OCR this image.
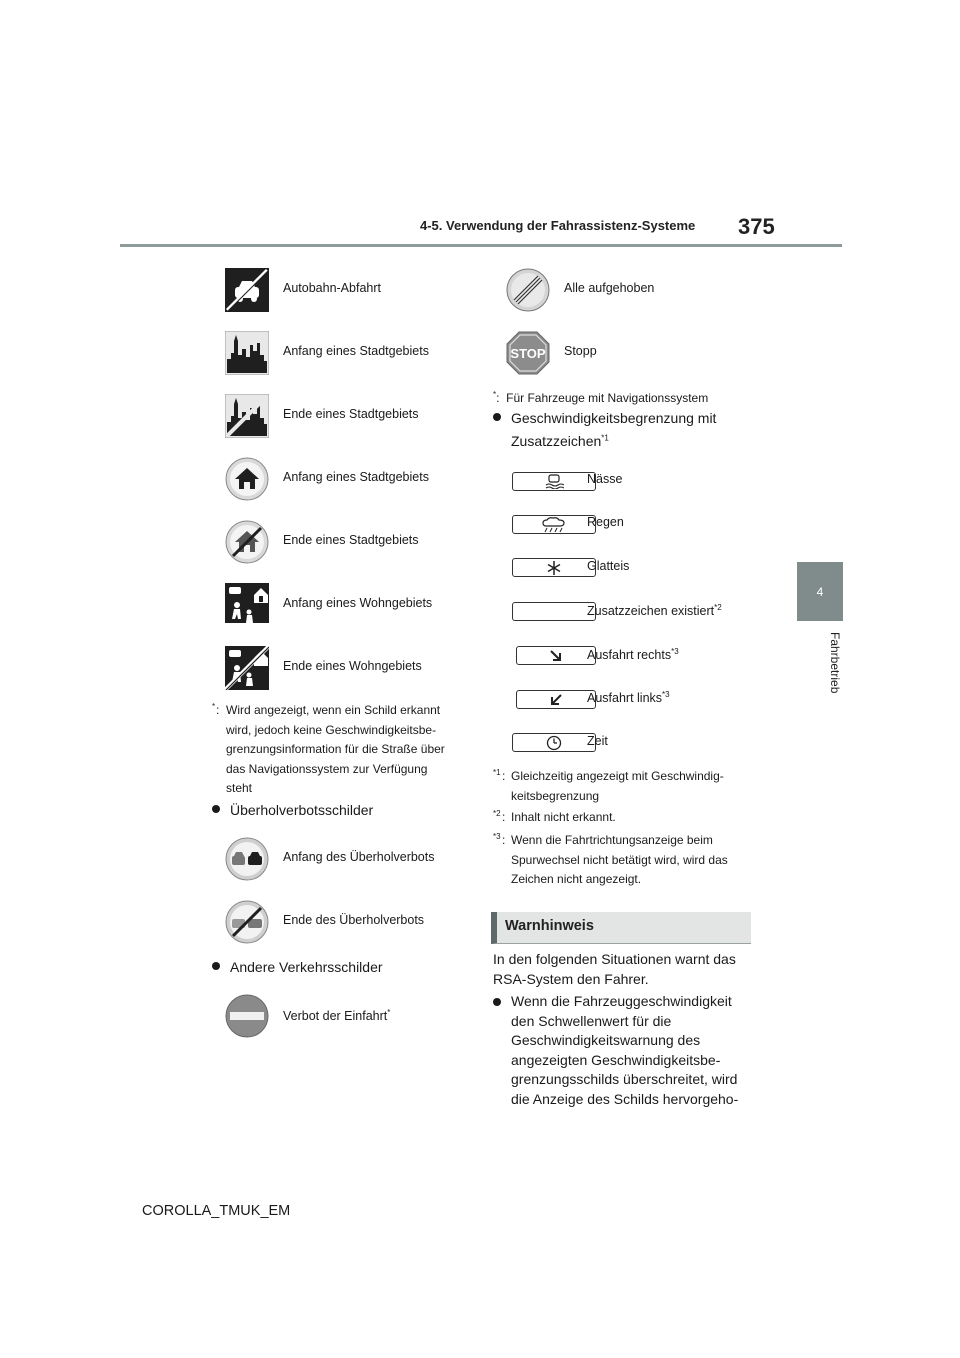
4-5. Verwendung der Fahrassistenz-Systeme 375
4
Fahrbetrieb
Autobahn-Abfahrt
Anfang eines Stadtgebiets
Ende eines Stadtgebiets
Anfang eines Stadtgebiets
Ende eines Stadtgebiets
Anfang eines Wohngebiets
Ende eines Wohngebiets
* : Wird angezeigt, wenn ein Schild erkannt
wird, jedoch keine Geschwindigkeitsbe-
grenzungsinformation für die Straße über
das Navigationssystem zur Verfügung
steht
Überholverbotsschilder
Anfang des Überholverbots
Ende des Überholverbots
Andere Verkehrsschilder
Verbot der Einfahrt*
Alle aufgehoben
STOP Stopp
*:  Für Fahrzeuge mit Navigationssystem
Geschwindigkeitsbegrenzung mit
Zusatzzeichen$^{*1}$
Nässe
Regen
Glatteis
Zusatzzeichen existiert$^{*2}$
Ausfahrt rechts$^{*3}$
Ausfahrt links$^{*3}$
Zeit
*1 : Gleichzeitig angezeigt mit Geschwindig-
keitsbegrenzung
*2 : Inhalt nicht erkannt.
*3 : Wenn die Fahrtrichtungsanzeige beim
Spurwechsel nicht betätigt wird, wird das
Zeichen nicht angezeigt.
Warnhinweis
In den folgenden Situationen warnt das
RSA-System den Fahrer.
Wenn die Fahrzeuggeschwindigkeit
den Schwellenwert für die
Geschwindigkeitswarnung des
angezeigten Geschwindigkeitsbe-
grenzungsschilds überschreitet, wird
die Anzeige des Schilds hervorgeho-
COROLLA_TMUK_EM
